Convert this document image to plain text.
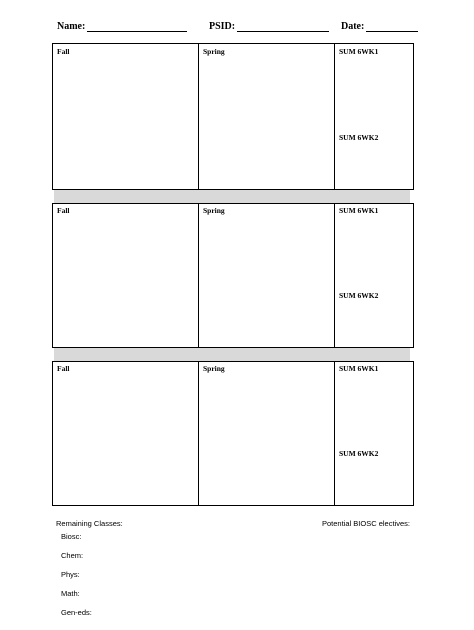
Name:	PSID:	Date:
Fall	Spring	SUM 6WK1
SUM 6WK2
Fall	Spring	SUM 6WK1
SUM 6WK2
Fall	Spring	SUM 6WK1
SUM 6WK2
Remaining Classes:	Potential BIOSC electives:
Biosc:
Chem:
Phys:
Math:
Gen-eds:
